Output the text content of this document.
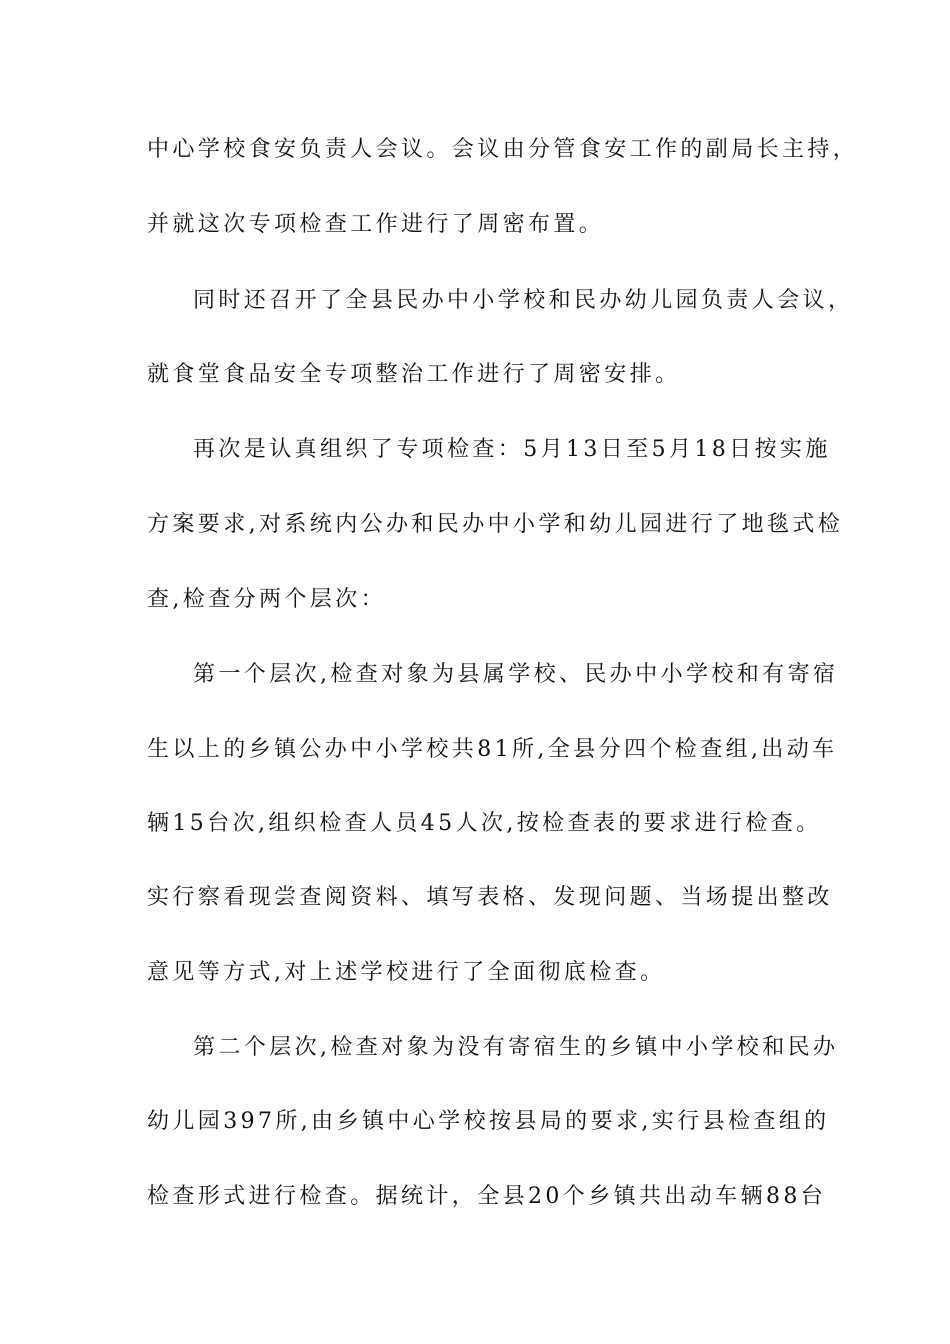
中心学校食安负责人会议。会议由分管食安工作的副局长主持，
并就这次专项检查工作进行了周密布置。
同时还召开了全县民办中小学校和民办幼儿园负责人会议，
就食堂食品安全专项整治工作进行了周密安排。
再次是认真组织了专项检查：5月13日至5月18日按实施
方案要求,对系统内公办和民办中小学和幼儿园进行了地毯式检
查,检查分两个层次：
第一个层次,检查对象为县属学校、民办中小学校和有寄宿
生以上的乡镇公办中小学校共81所,全县分四个检查组,出动车
辆15台次,组织检查人员45人次,按检查表的要求进行检查。
实行察看现尝查阅资料、填写表格、发现问题、当场提出整改
意见等方式,对上述学校进行了全面彻底检查。
第二个层次,检查对象为没有寄宿生的乡镇中小学校和民办
幼儿园397所,由乡镇中心学校按县局的要求,实行县检查组的
检查形式进行检查。据统计，全县20个乡镇共出动车辆88台
